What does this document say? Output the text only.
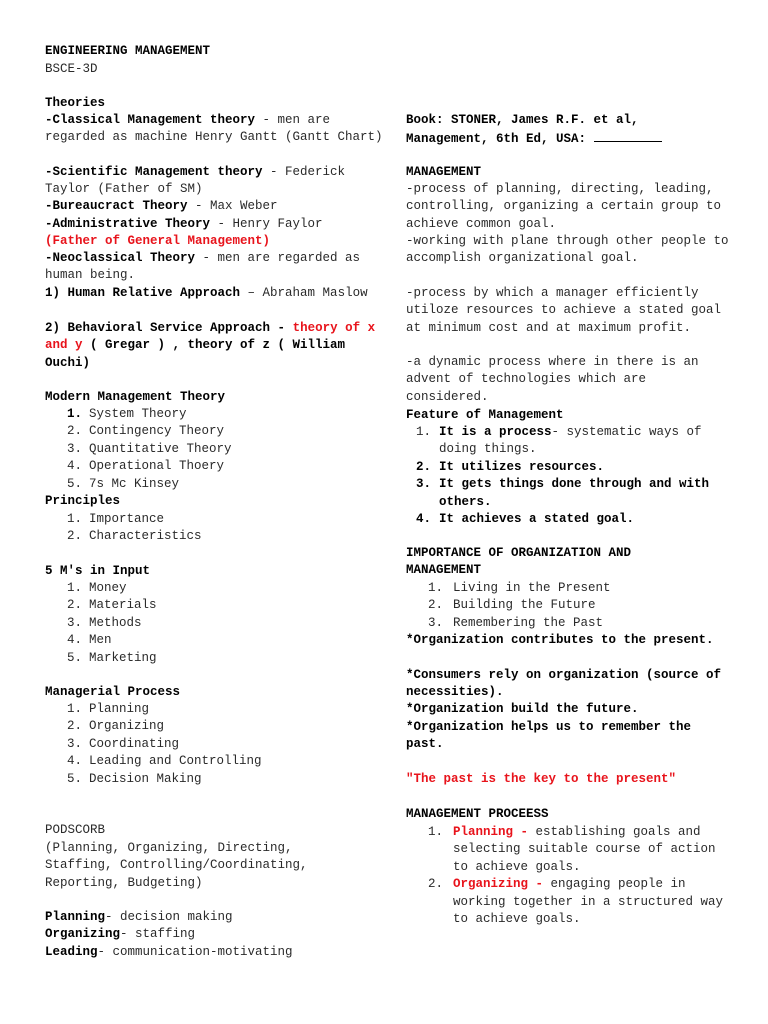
ENGINEERING MANAGEMENT
BSCE-3D
Theories
-Classical Management theory - men are regarded as machine Henry Gantt (Gantt Chart)
-Scientific Management theory - Federick Taylor (Father of SM)
-Bureaucract Theory - Max Weber
-Administrative Theory - Henry Faylor
(Father of General Management)
-Neoclassical Theory - men are regarded as human being.
1) Human Relative Approach – Abraham Maslow
2) Behavioral Service Approach - theory of x and y ( Gregar ) , theory of z ( William Ouchi)
Modern Management Theory
1. System Theory
2. Contingency Theory
3. Quantitative Theory
4. Operational Thoery
5. 7s Mc Kinsey
Principles
1. Importance
2. Characteristics
5 M's in Input
1. Money
2. Materials
3. Methods
4. Men
5. Marketing
Managerial Process
1. Planning
2. Organizing
3. Coordinating
4. Leading and Controlling
5. Decision Making
PODSCORB
(Planning, Organizing, Directing, Staffing, Controlling/Coordinating, Reporting, Budgeting)
Planning- decision making
Organizing- staffing
Leading- communication-motivating
Book: STONER, James R.F. et al,
Management, 6th Ed, USA:
MANAGEMENT
-process of planning, directing, leading, controlling, organizing a certain group to achieve common goal.
-working with plane through other people to accomplish organizational goal.
-process by which a manager efficiently utiloze resources to achieve a stated goal at minimum cost and at maximum profit.
-a dynamic process where in there is an advent of technologies which are considered.
Feature of Management
1. It is a process- systematic ways of doing things.
2. It utilizes resources.
3. It gets things done through and with others.
4. It achieves a stated goal.
IMPORTANCE OF ORGANIZATION AND MANAGEMENT
1. Living in the Present
2. Building the Future
3. Remembering the Past
*Organization contributes to the present.
*Consumers rely on organization (source of necessities).
*Organization build the future.
*Organization helps us to remember the past.
"The past is the key to the present"
MANAGEMENT PROCEESS
1. Planning - establishing goals and selecting suitable course of action to achieve goals.
2. Organizing - engaging people in working together in a structured way to achieve goals.
